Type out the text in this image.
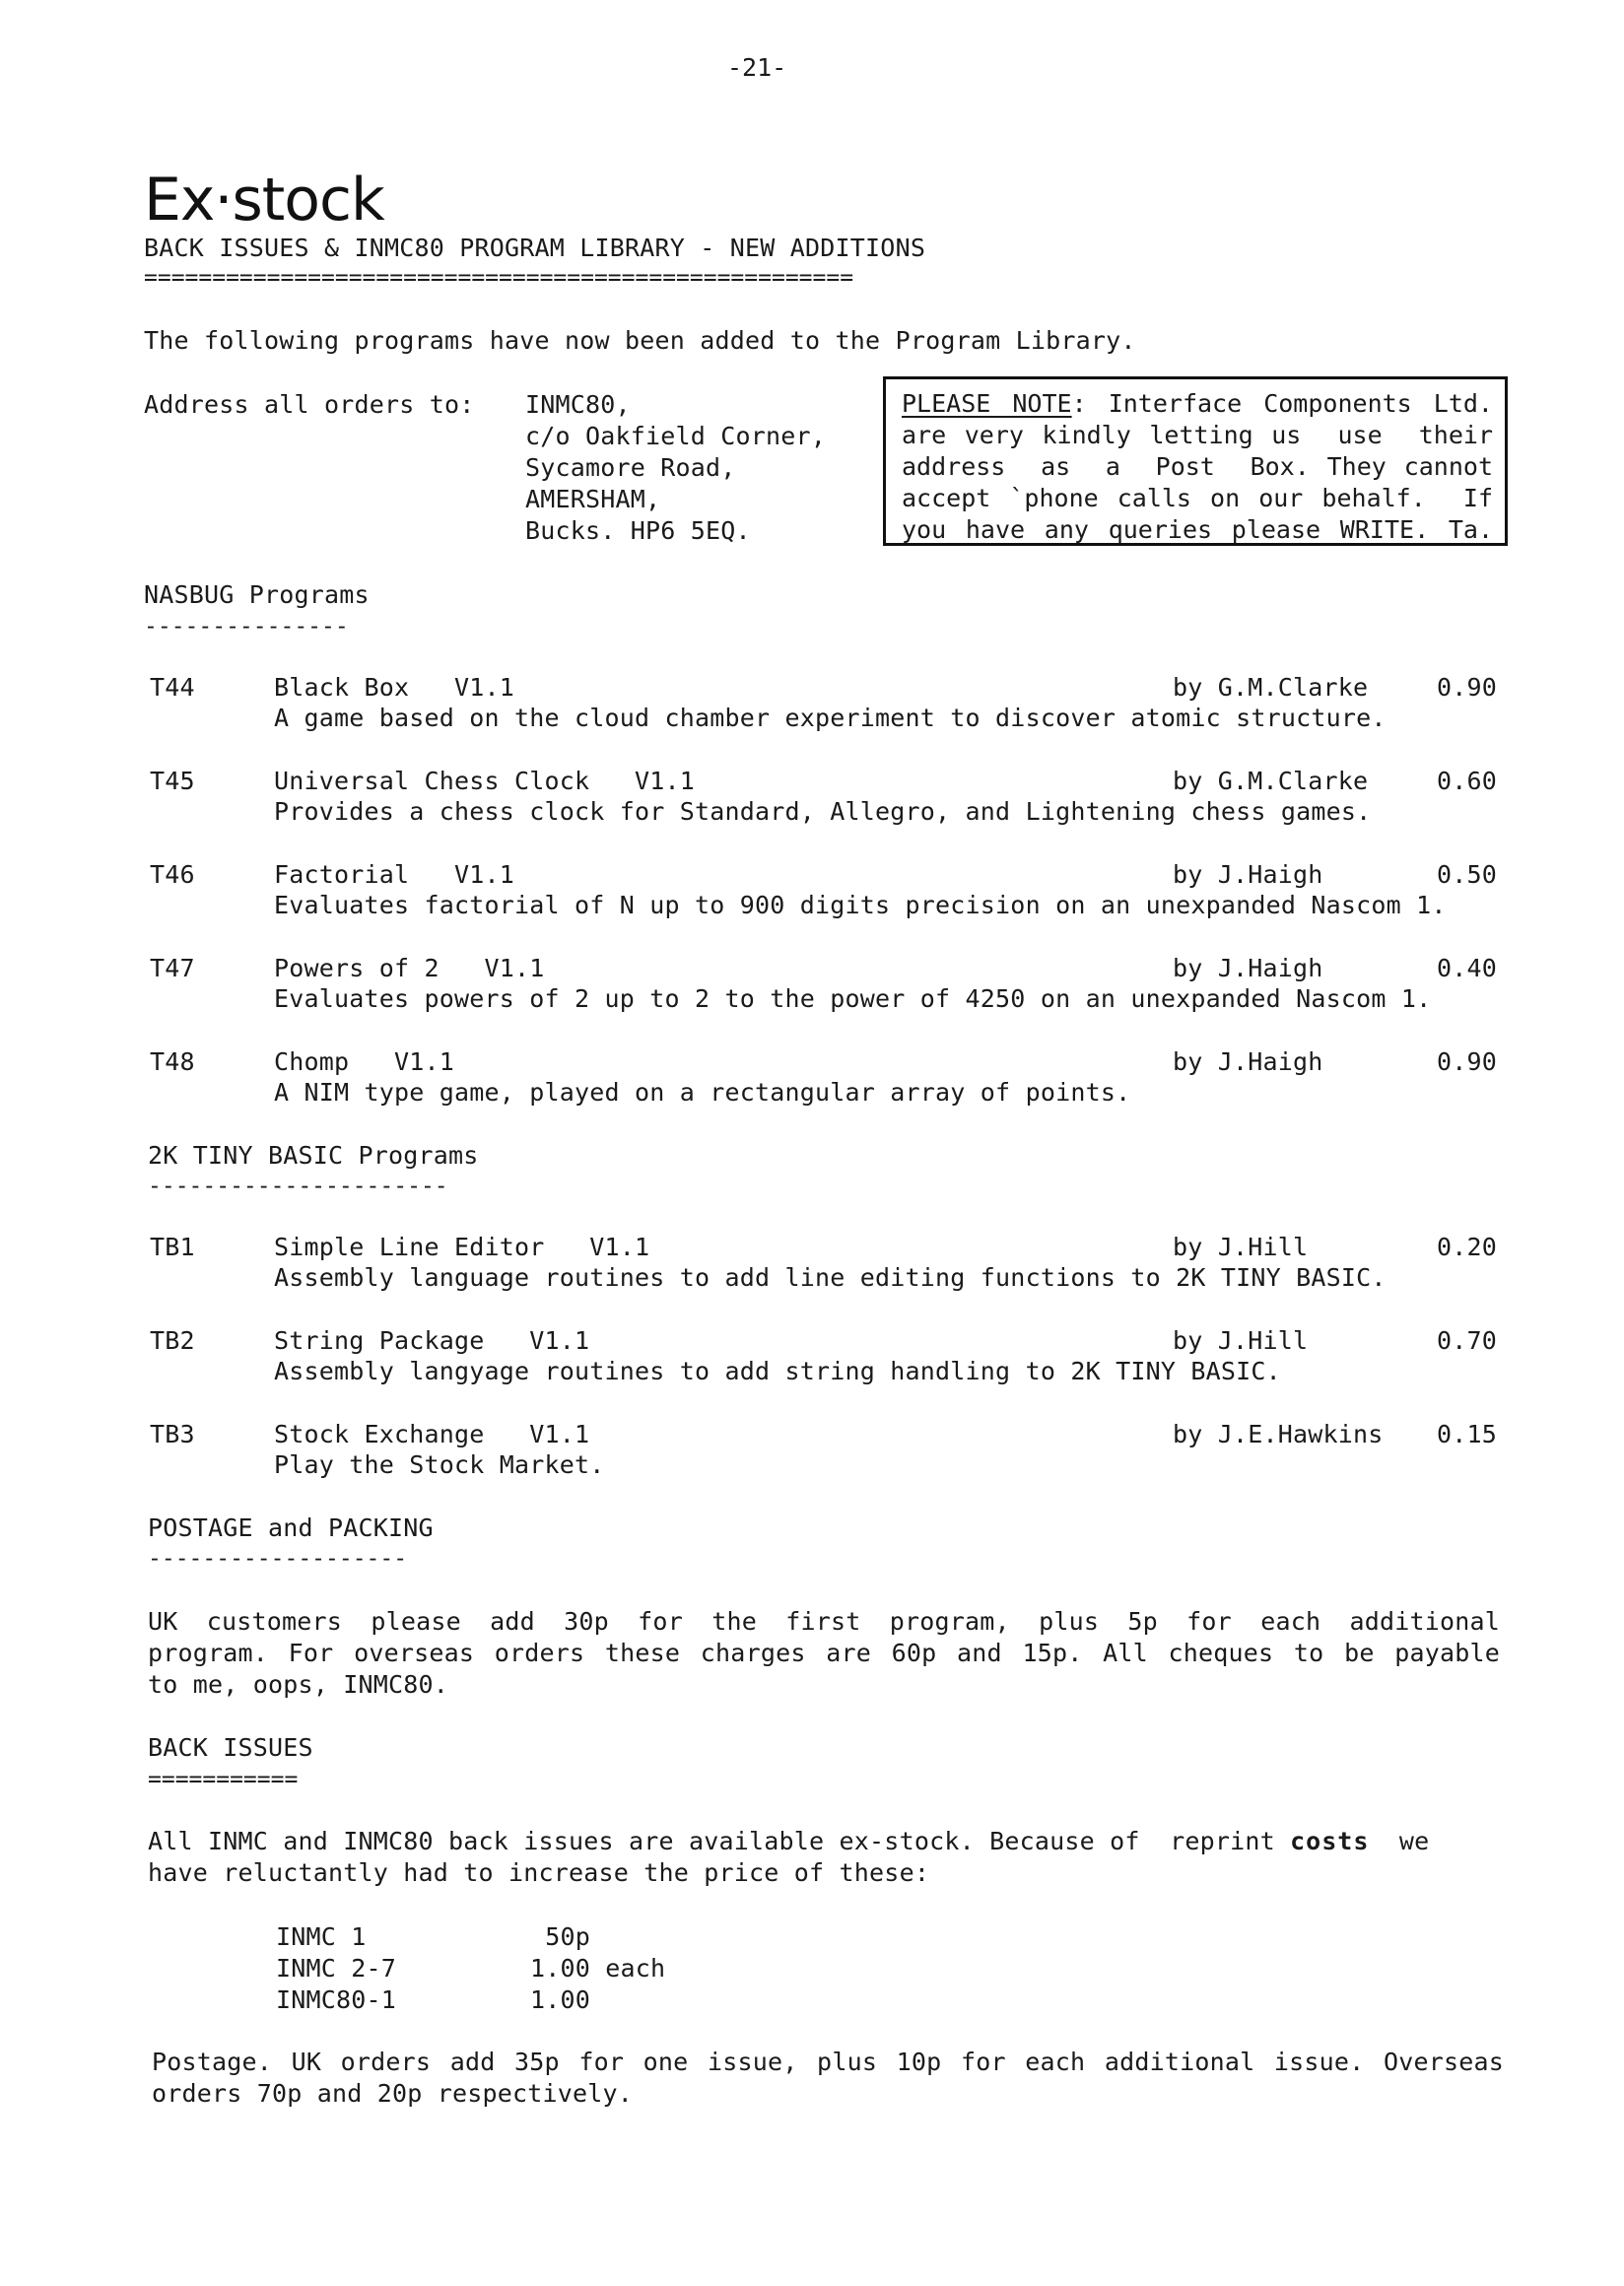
-21-
Ex·stock
BACK ISSUES & INMC80 PROGRAM LIBRARY - NEW ADDITIONS
====================================================
The following programs have now been added to the Program Library.
Address all orders to: INMC80,
c/o Oakfield Corner,
Sycamore Road,
AMERSHAM,
Bucks. HP6 5EQ.
PLEASE NOTE: Interface Components Ltd.
are very kindly letting us  use  their
address  as  a  Post  Box. They cannot
accept `phone calls on our behalf.  If
you have any queries please WRITE. Ta.
NASBUG Programs
---------------
T44	Black Box   V1.1	by G.M.Clarke	0.90
A game based on the cloud chamber experiment to discover atomic structure.
T45	Universal Chess Clock   V1.1	by G.M.Clarke	0.60
Provides a chess clock for Standard, Allegro, and Lightening chess games.
T46	Factorial   V1.1	by J.Haigh	0.50
Evaluates factorial of N up to 900 digits precision on an unexpanded Nascom 1.
T47	Powers of 2   V1.1	by J.Haigh	0.40
Evaluates powers of 2 up to 2 to the power of 4250 on an unexpanded Nascom 1.
T48	Chomp   V1.1	by J.Haigh	0.90
A NIM type game, played on a rectangular array of points.
2K TINY BASIC Programs
----------------------
TB1	Simple Line Editor   V1.1	by J.Hill	0.20
Assembly language routines to add line editing functions to 2K TINY BASIC.
TB2	String Package   V1.1	by J.Hill	0.70
Assembly langyage routines to add string handling to 2K TINY BASIC.
TB3	Stock Exchange   V1.1	by J.E.Hawkins 0.15
Play the Stock Market.
POSTAGE and PACKING
-------------------
UK customers please add 30p for the first program, plus 5p for each additional
program. For overseas orders these charges are 60p and 15p. All cheques to be payable
to me, oops, INMC80.
BACK ISSUES
===========
All INMC and INMC80 back issues are available ex-stock. Because of  reprint costs  we
have reluctantly had to increase the price of these:
INMC 1	50p
INMC 2-7	1.00 each
INMC80-1	1.00
Postage. UK orders add 35p for one issue, plus 10p for each additional issue. Overseas
orders 70p and 20p respectively.
